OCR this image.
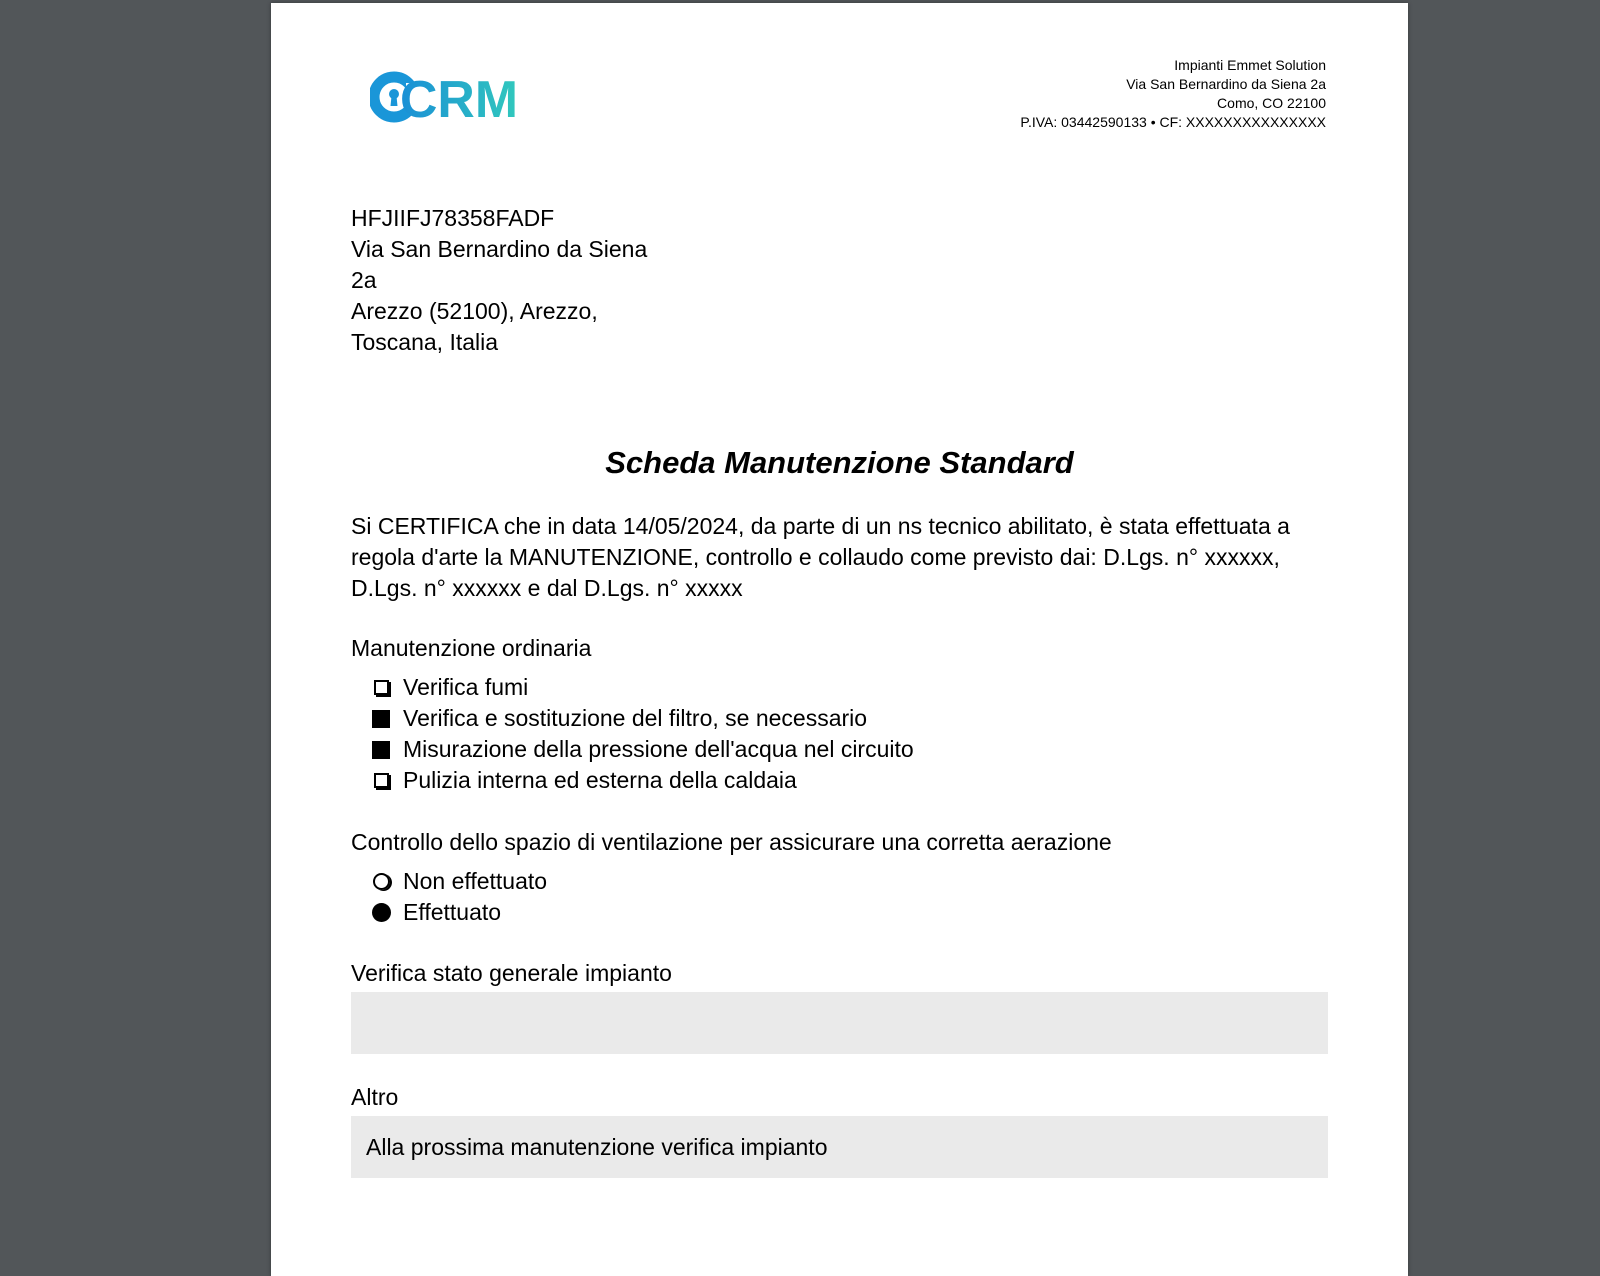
CRM
Impianti Emmet Solution
Via San Bernardino da Siena 2a
Como, CO 22100
P.IVA: 03442590133 • CF: XXXXXXXXXXXXXXX
HFJIIFJ78358FADF
Via San Bernardino da Siena
2a
Arezzo (52100), Arezzo,
Toscana, Italia
Scheda Manutenzione Standard
Si CERTIFICA che in data 14/05/2024, da parte di un ns tecnico abilitato, è stata effettuata a regola d'arte la MANUTENZIONE, controllo e collaudo come previsto dai: D.Lgs. n° xxxxxx, D.Lgs. n° xxxxxx e dal D.Lgs. n° xxxxx
Manutenzione ordinaria
Verifica fumi
Verifica e sostituzione del filtro, se necessario
Misurazione della pressione dell'acqua nel circuito
Pulizia interna ed esterna della caldaia
Controllo dello spazio di ventilazione per assicurare una corretta aerazione
Non effettuato
Effettuato
Verifica stato generale impianto
Altro
Alla prossima manutenzione verifica impianto
